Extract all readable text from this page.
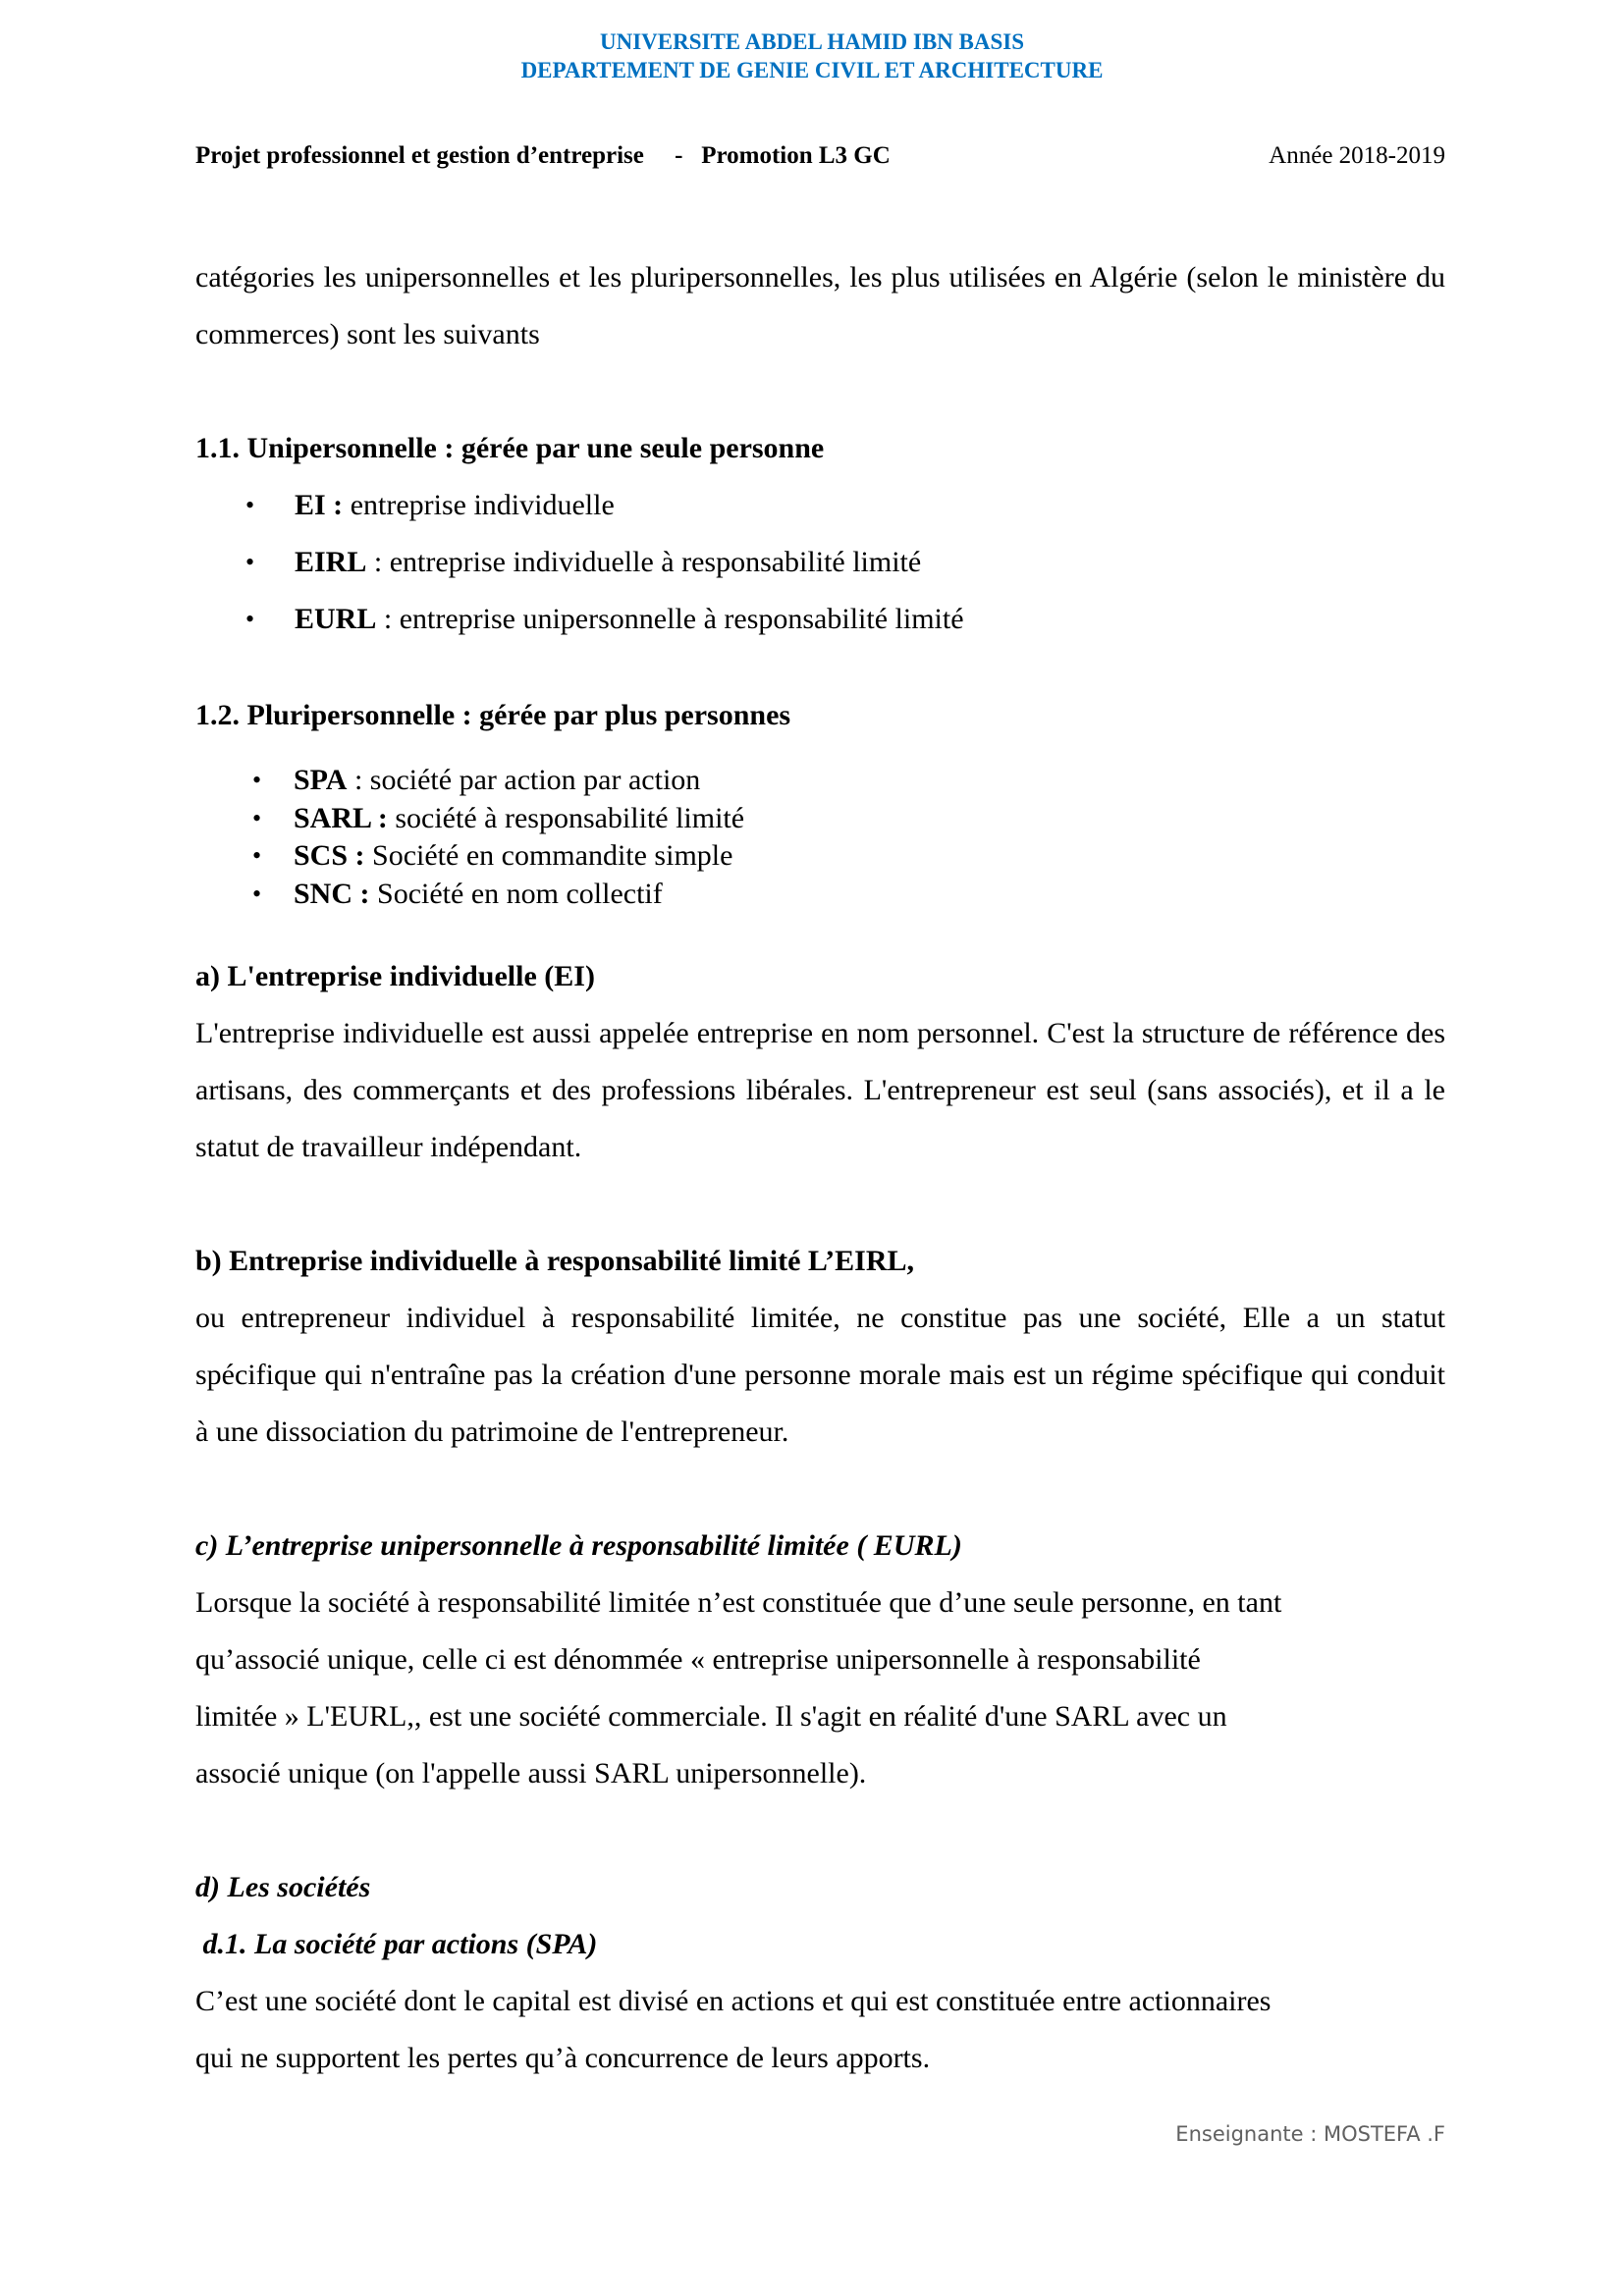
UNIVERSITE ABDEL HAMID IBN BASIS
DEPARTEMENT DE GENIE CIVIL ET ARCHITECTURE
Projet professionnel et gestion d’entreprise     -   Promotion L3 GC	Année 2018-2019

catégories les unipersonnelles et les pluripersonnelles, les plus utilisées en Algérie (selon le ministère du commerces) sont les suivants

1.1. Unipersonnelle : gérée par une seule personne

• EI : entreprise individuelle
• EIRL : entreprise individuelle à responsabilité limité
• EURL : entreprise unipersonnelle à responsabilité limité

1.2. Pluripersonnelle : gérée par plus personnes

• SPA : société par action par action
• SARL : société à responsabilité limité
• SCS : Société en commandite simple
• SNC : Société en nom collectif

a) L'entreprise individuelle (EI)

L'entreprise individuelle est aussi appelée entreprise en nom personnel. C'est la structure de référence des artisans, des commerçants et des professions libérales. L'entrepreneur est seul (sans associés), et il a le statut de travailleur indépendant.

b) Entreprise individuelle à responsabilité limité L’EIRL,

ou entrepreneur individuel à responsabilité limitée, ne constitue pas une société, Elle a un statut spécifique qui n'entraîne pas la création d'une personne morale mais est un régime spécifique qui conduit à une dissociation du patrimoine de l'entrepreneur.

c) L’entreprise unipersonnelle à responsabilité limitée ( EURL)

Lorsque la société à responsabilité limitée n’est constituée que d’une seule personne, en tant

qu’associé unique, celle ci est dénommée « entreprise unipersonnelle à responsabilité

limitée » L'EURL,, est une société commerciale. Il s'agit en réalité d'une SARL avec un

associé unique (on l'appelle aussi SARL unipersonnelle).

d) Les sociétés

d.1. La société par actions (SPA)

C’est une société dont le capital est divisé en actions et qui est constituée entre actionnaires

qui ne supportent les pertes qu’à concurrence de leurs apports.

Enseignante : MOSTEFA .F
